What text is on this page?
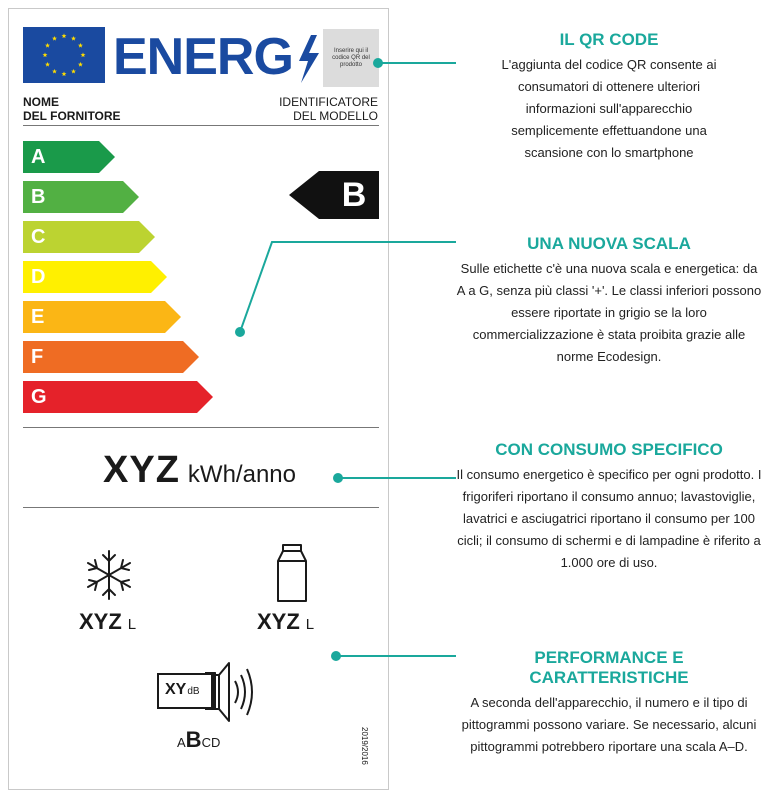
ENERG	Inserire qui il codice QR del prodotto
NOME
DEL FORNITORE
IDENTIFICATORE
DEL MODELLO
A
B
C
D
E
F
G
B
XYZ kWh/anno
XYZ L	XYZ L
XYdB
ABCD	2019/2016
IL QR CODE
L'aggiunta del codice QR consente ai consumatori di ottenere ulteriori informazioni sull'apparecchio semplicemente effettuandone una scansione con lo smartphone
UNA NUOVA SCALA
Sulle etichette c'è una nuova scala e energetica: da A a G, senza più classi '+'. Le classi inferiori possono essere riportate in grigio se la loro commercializzazione è stata proibita grazie alle norme Ecodesign.
CON CONSUMO SPECIFICO
Il consumo energetico è specifico per ogni prodotto. I frigoriferi riportano il consumo annuo; lavastoviglie, lavatrici e asciugatrici riportano il consumo per 100 cicli; il consumo di schermi e di lampadine è riferito a 1.000 ore di uso.
PERFORMANCE E CARATTERISTICHE
A seconda dell'apparecchio, il numero e il tipo di pittogrammi possono variare. Se necessario, alcuni pittogrammi potrebbero riportare una scala A–D.
